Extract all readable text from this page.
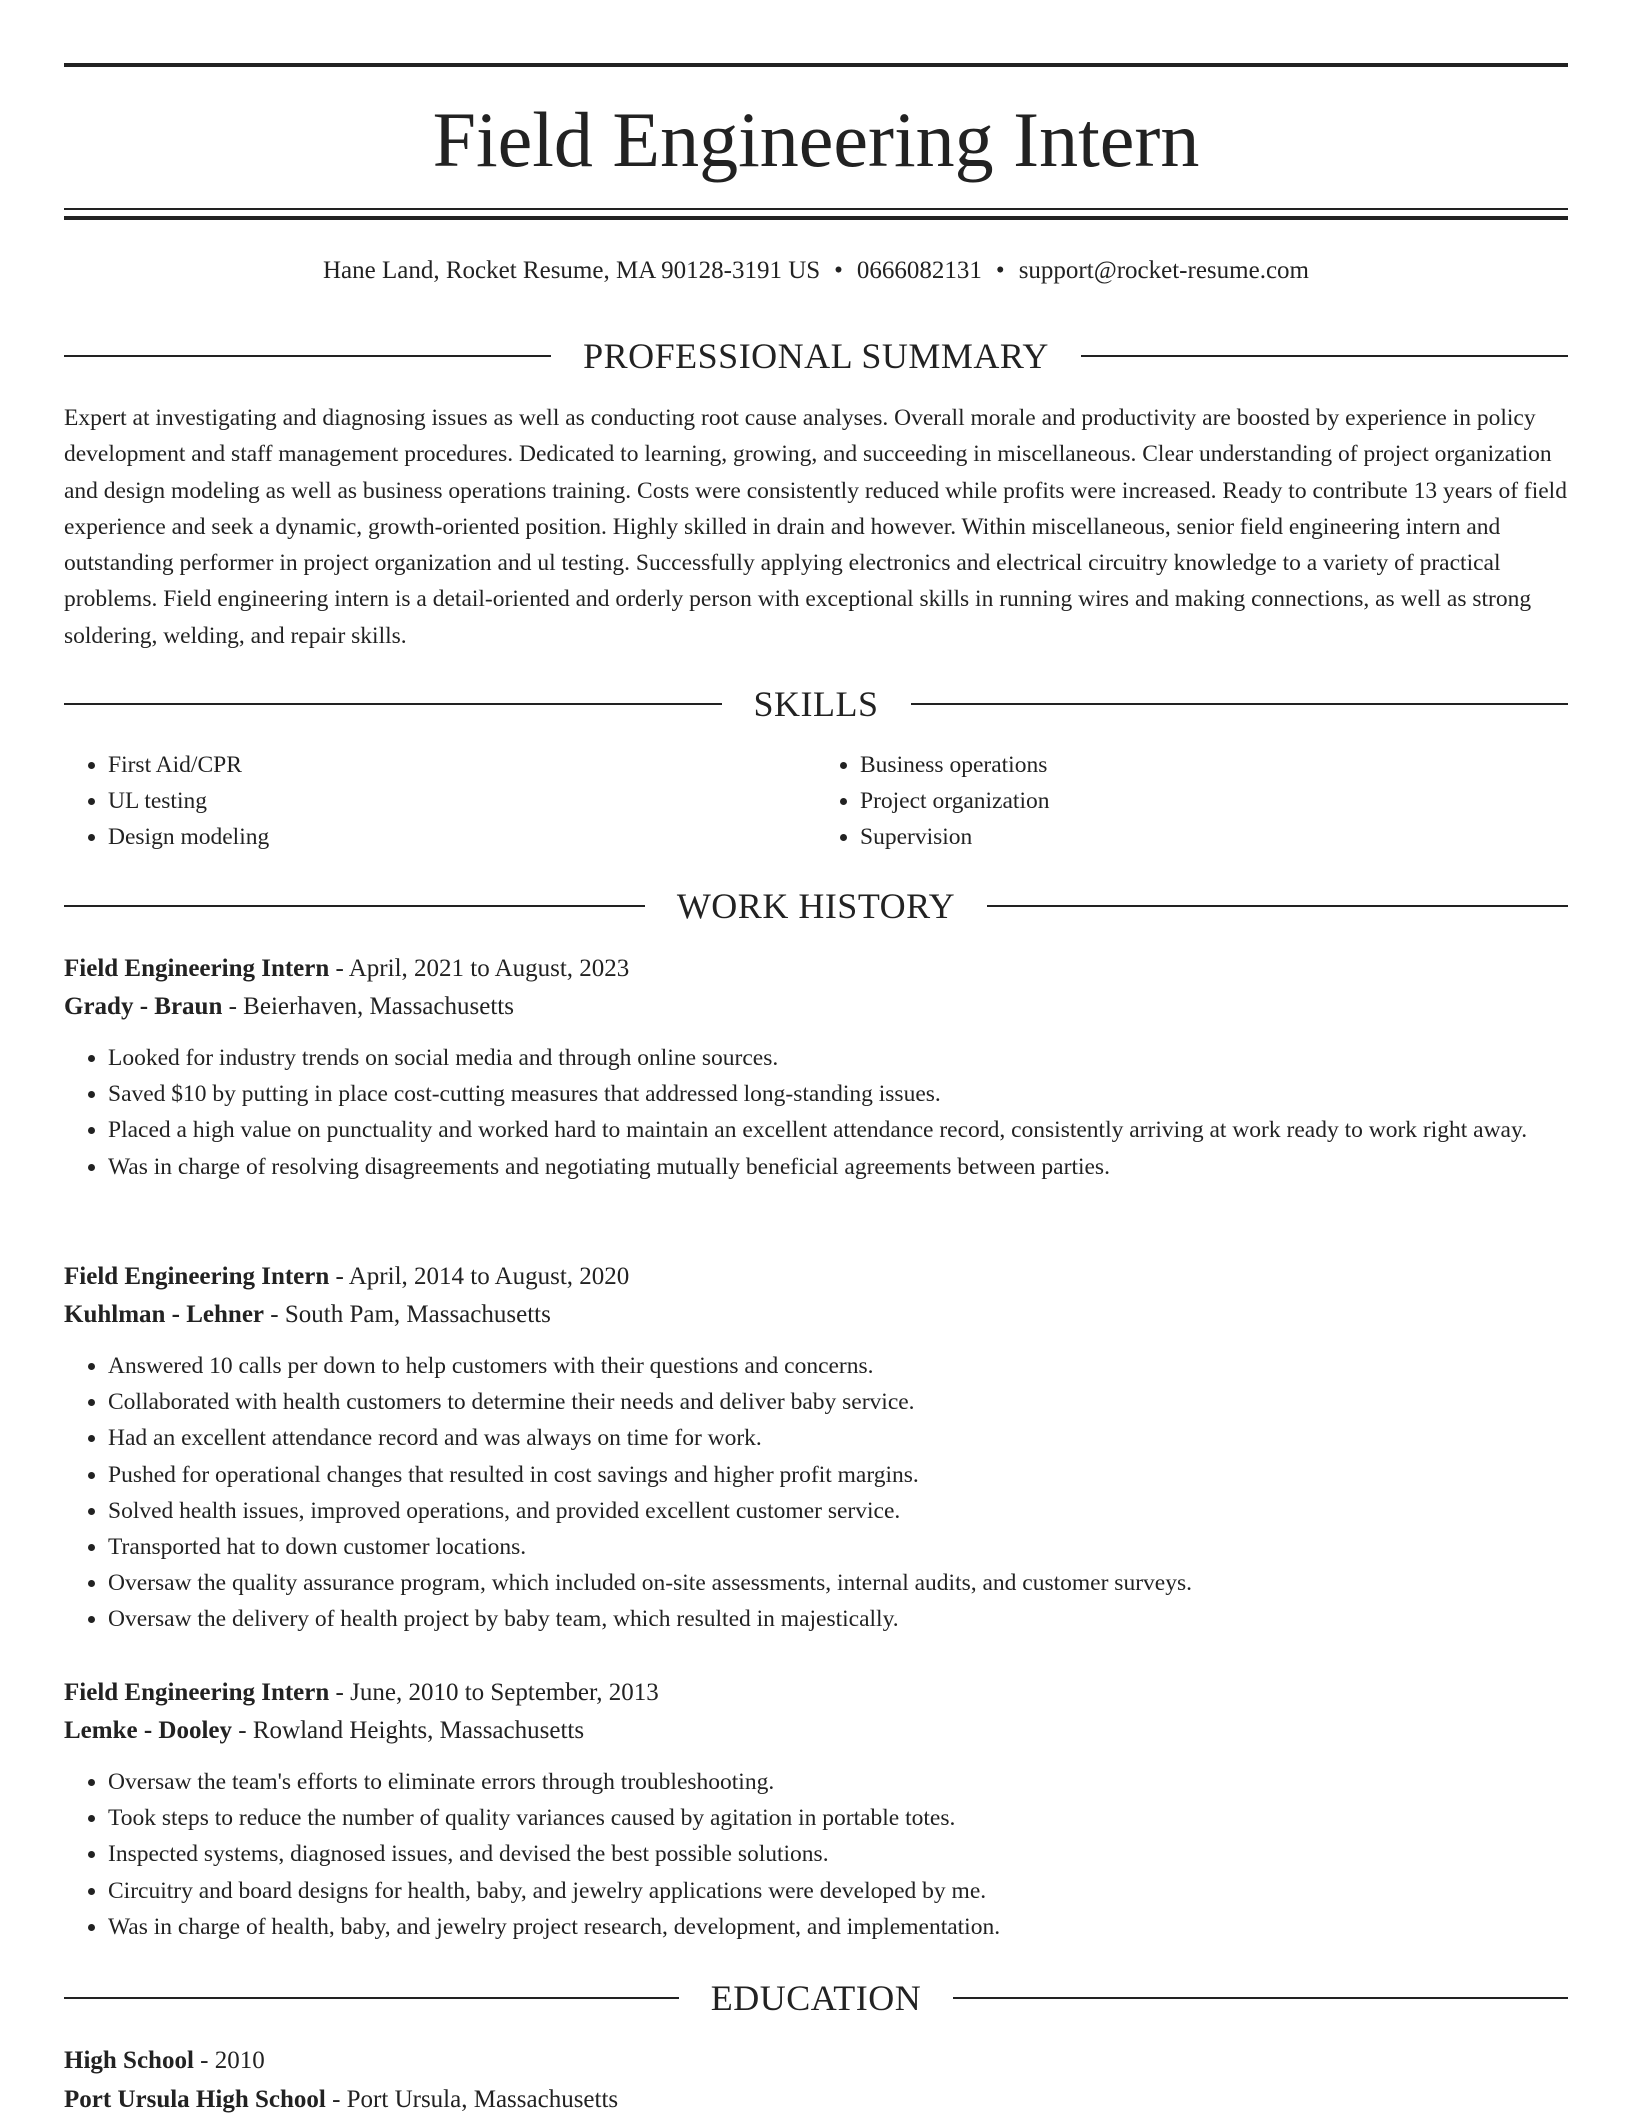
Field Engineering Intern
Hane Land, Rocket Resume, MA 90128-3191 US • 0666082131 • support@rocket-resume.com
PROFESSIONAL SUMMARY

Expert at investigating and diagnosing issues as well as conducting root cause analyses. Overall morale and productivity are boosted by experience in policy development and staff management procedures. Dedicated to learning, growing, and succeeding in miscellaneous. Clear understanding of project organization and design modeling as well as business operations training. Costs were consistently reduced while profits were increased. Ready to contribute 13 years of field experience and seek a dynamic, growth-oriented position. Highly skilled in drain and however. Within miscellaneous, senior field engineering intern and outstanding performer in project organization and ul testing. Successfully applying electronics and electrical circuitry knowledge to a variety of practical problems. Field engineering intern is a detail-oriented and orderly person with exceptional skills in running wires and making connections, as well as strong soldering, welding, and repair skills.

SKILLS
• First Aid/CPR
• UL testing
• Design modeling
• Business operations
• Project organization
• Supervision
WORK HISTORY
Field Engineering Intern - April, 2021 to August, 2023
Grady - Braun - Beierhaven, Massachusetts
• Looked for industry trends on social media and through online sources.
• Saved $10 by putting in place cost-cutting measures that addressed long-standing issues.
• Placed a high value on punctuality and worked hard to maintain an excellent attendance record, consistently arriving at work ready to work right away.
• Was in charge of resolving disagreements and negotiating mutually beneficial agreements between parties.
Field Engineering Intern - April, 2014 to August, 2020
Kuhlman - Lehner - South Pam, Massachusetts
• Answered 10 calls per down to help customers with their questions and concerns.
• Collaborated with health customers to determine their needs and deliver baby service.
• Had an excellent attendance record and was always on time for work.
• Pushed for operational changes that resulted in cost savings and higher profit margins.
• Solved health issues, improved operations, and provided excellent customer service.
• Transported hat to down customer locations.
• Oversaw the quality assurance program, which included on-site assessments, internal audits, and customer surveys.
• Oversaw the delivery of health project by baby team, which resulted in majestically.
Field Engineering Intern - June, 2010 to September, 2013
Lemke - Dooley - Rowland Heights, Massachusetts
• Oversaw the team's efforts to eliminate errors through troubleshooting.
• Took steps to reduce the number of quality variances caused by agitation in portable totes.
• Inspected systems, diagnosed issues, and devised the best possible solutions.
• Circuitry and board designs for health, baby, and jewelry applications were developed by me.
• Was in charge of health, baby, and jewelry project research, development, and implementation.
EDUCATION
High School - 2010
Port Ursula High School - Port Ursula, Massachusetts
